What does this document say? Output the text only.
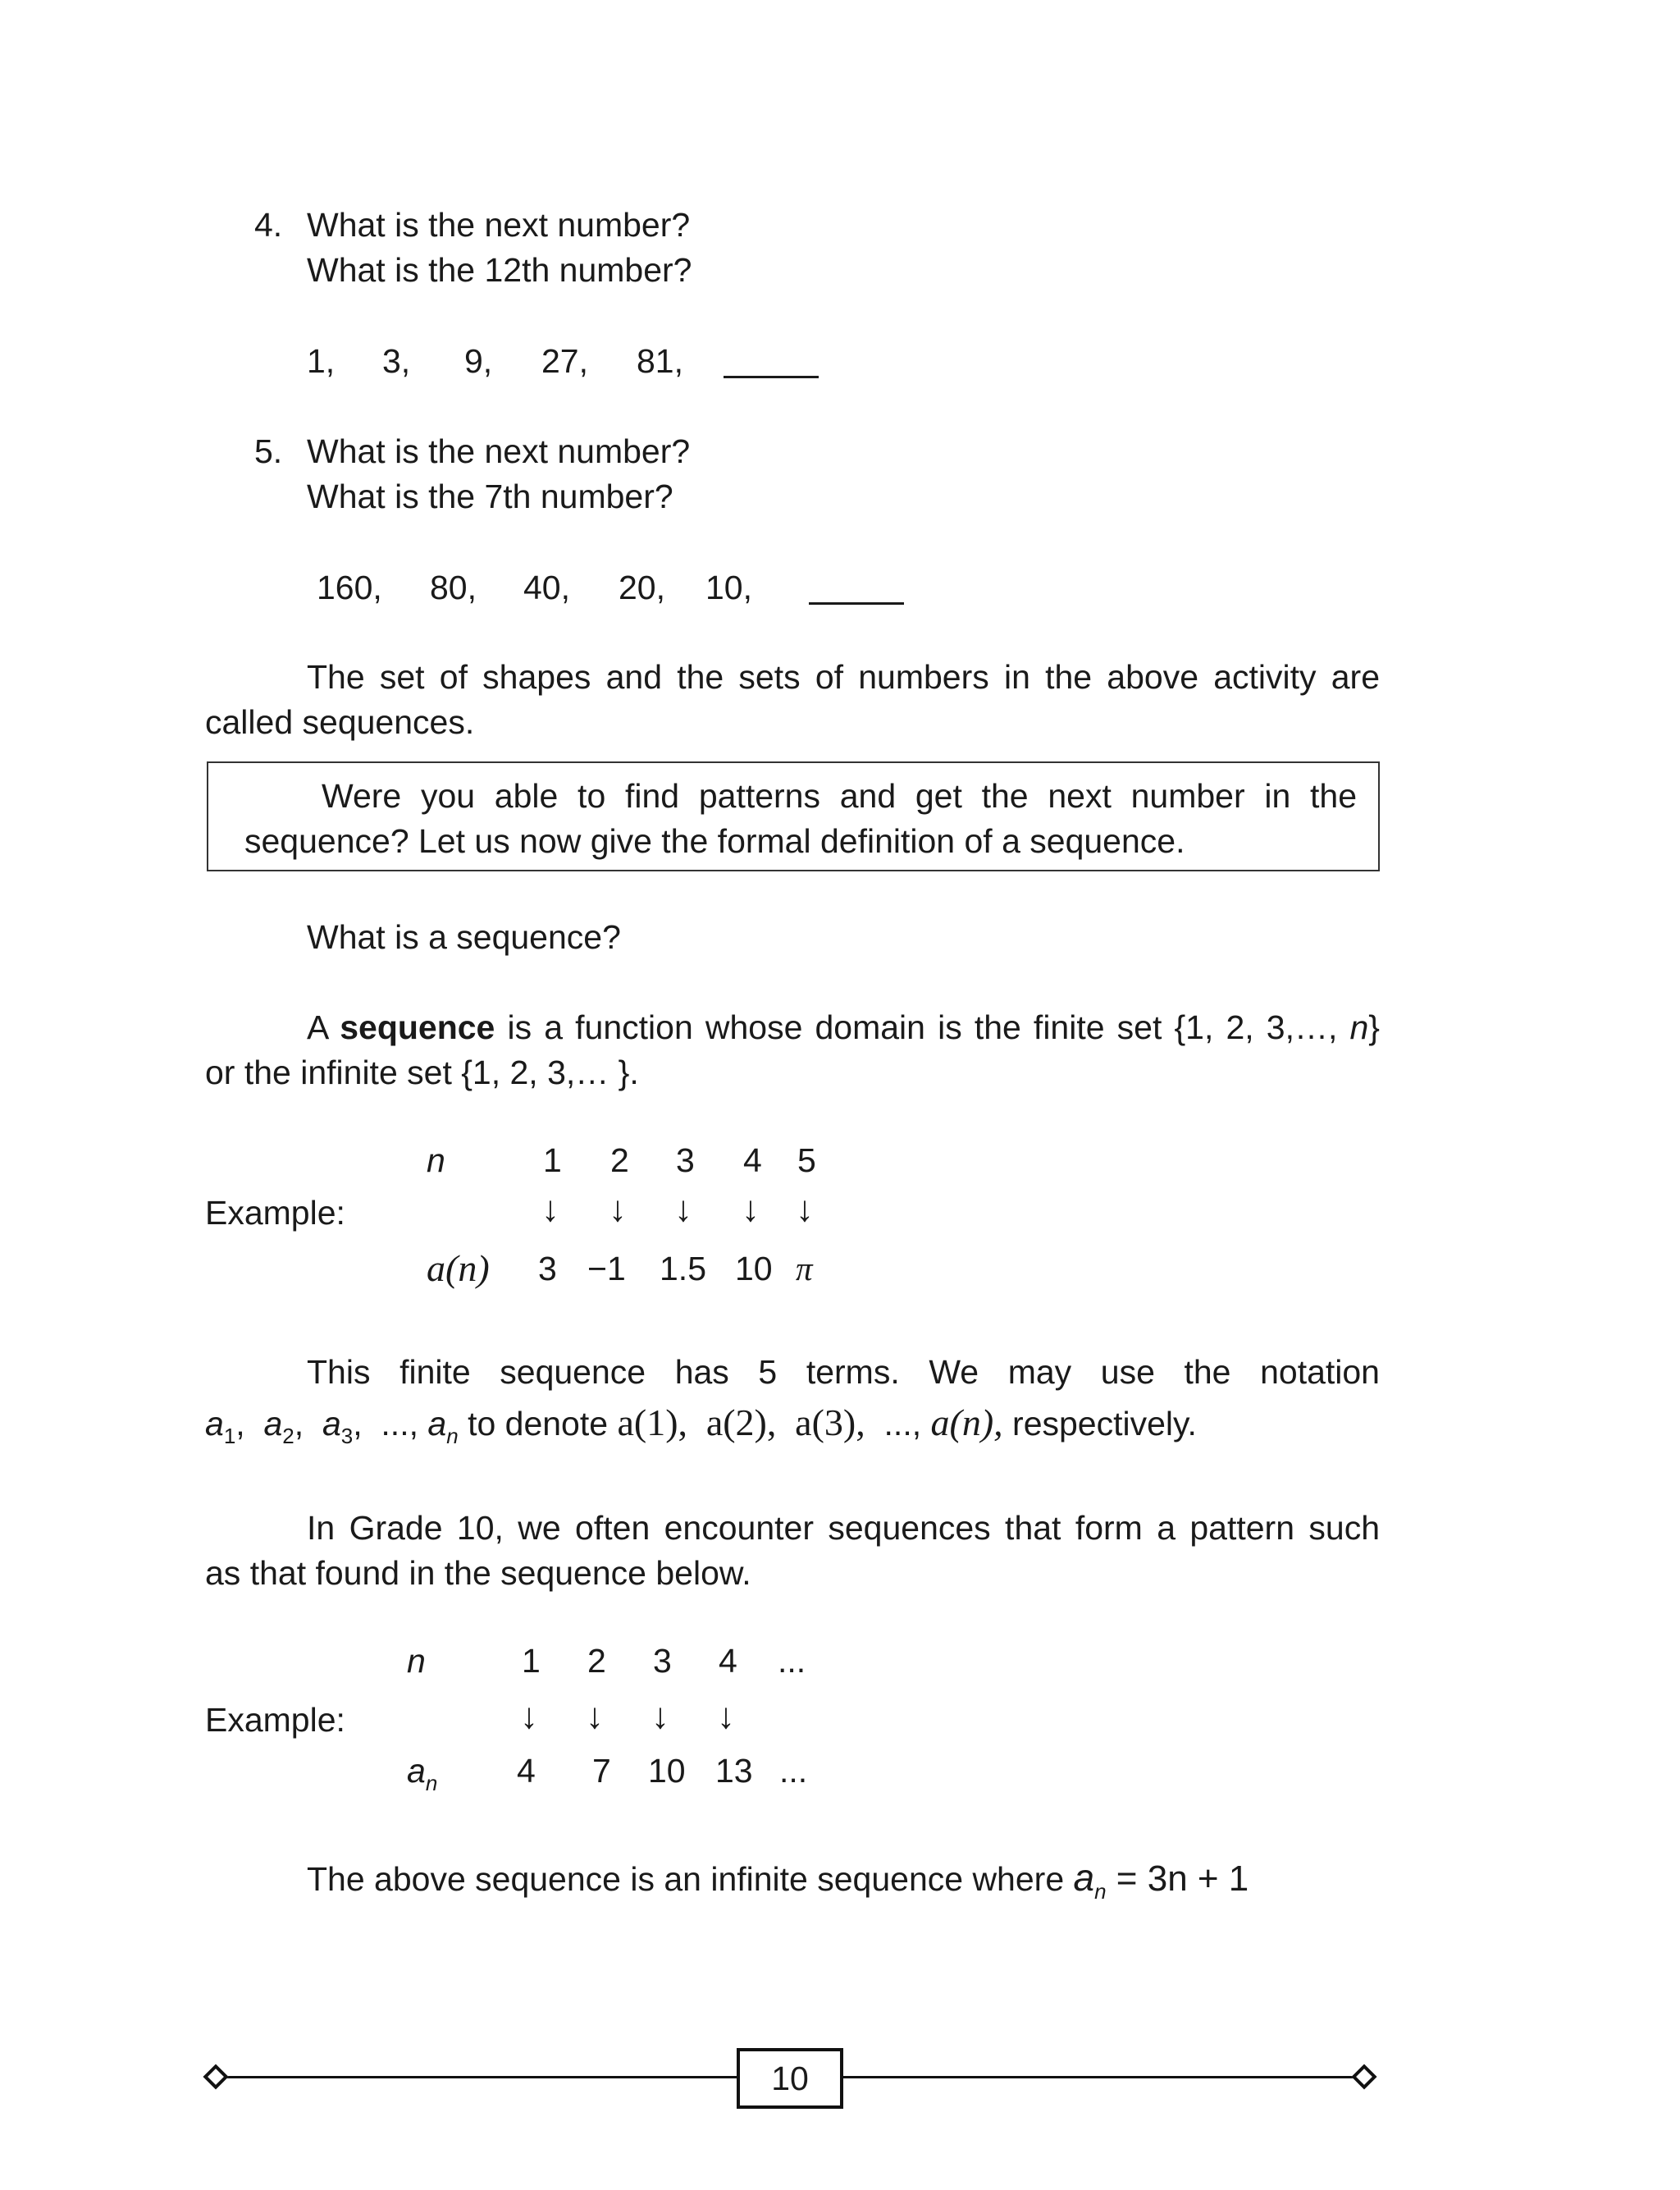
4. What is the next number?
What is the 12th number?
1, 3, 9, 27, 81,
5. What is the next number?
What is the 7th number?
160, 80, 40, 20, 10,
The set of shapes and the sets of numbers in the above activity are
called sequences.
Were you able to find patterns and get the next number in the
sequence? Let us now give the formal definition of a sequence.
What is a sequence?
A sequence is a function whose domain is the finite set {1, 2, 3,…, n}
or the infinite set {1, 2, 3,… }.
Example:
n
a(n)
1 2 3 4 5
↓ ↓ ↓ ↓ ↓
3 −1 1.5 10 π
This finite sequence has 5 terms. We may use the notation
$a_1$,  $a_2$,  $a_3$,  ..., $a_n$ to denote a(1), a(2), a(3), ..., a(n), respectively.
In Grade 10, we often encounter sequences that form a pattern such
as that found in the sequence below.
Example:
n
$a_n$
1 2 3 4 ...
↓ ↓ ↓ ↓
4 7 10 13 ...
The above sequence is an infinite sequence where $a_n = 3n + 1$
10
